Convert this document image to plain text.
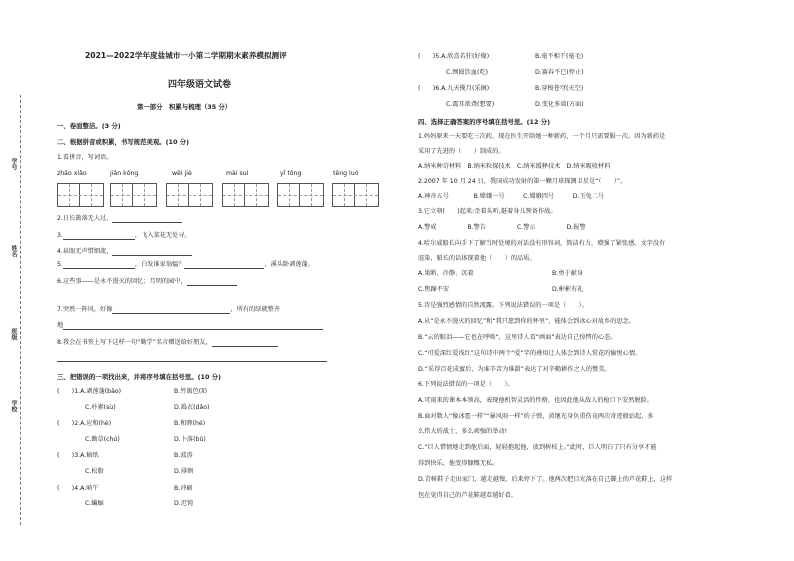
学号
姓名
班级
学校
2021—2022学年度盐城市一小第二学期期末素养模拟测评
四年级语文试卷
第一部分　积累与梳理（35 分）
一、卷面整洁。(3 分)
二、根据拼音或积累，书写规范美观。(10 分)
1.看拼音，写词语。
zhǎo xiǎo	jiǎn kōng	wěi jiè	mài suì	yǐ tōng	tēng luó
2.日长篱落无人过，
3.	，飞入菜花无处寻。
4.泉眼无声惜细流，
5.	，白发谁家翁媪？	，溪头卧剥莲蓬。
6.这些事——是永不漫灭的回忆；月明的园中，
7.突然一阵风，好像	，所有的绿就整齐
地
8.我会在书签上写下这样一句“勤学”名言赠送给好朋友，
三、把错误的一项找出来，并将序号填在括号里。(10 分)
(　　)1.A.剥莲蓬(bāo)	B.竹篱笆(lí)
C.朴素(sù)	D.捣衣(dǎo)
(　　)2.A.应和(hè)	B.和睦(hé)
C.锄草(chú)	D.卜落(bǔ)
(　　)3.A.稿纸	B.波涛
C.松脂	D.徘徊
(　　)4.A.响午	B.冲刷
C.蝙蝠	D.迟钝
(　　)5.A.欣喜若狂(好像)	B.毫不相干(毫毛)
C.囫囵饮血(吃)	D.赛春不已(停止)
(　　)6.A.九天揽月(采摘)	B.穿梭苍穹(天空)
C.震耳欲聋(想要)	D.变化多端(方面)
四、选择正确答案的序号填在括号里。(12 分)
1.妈妈原来一天要吃三次药，现在医生开给她一种新药，一个月只需要服一次。因为新药是
采用了先进的（　　）制成的。
A.纳米种苛材料　B.纳米粒探技术　C.纳米缓释技术　D.纳米吸收材料
2.2007 年 10 月 24 日，我国成功发射的第一颗月球探测卫星是“（　　）”。
A.神舟五号　　　　B.嫦娥一号　　　C.嫦娥四号　　　D.玉兔二号
3.它立刻(　　)起来:歪着头听,挺着身儿预备作战。
A.警戒　　　　　B.警告　　　　　C.警示　　　　　D.报警
4.哈尔威船长向手下了解当时处境的对话没有形容词，简洁有力，增强了紧张感。文字没有
渲染，船长的话体现着他（　　）的品质。
A.果断、冷静、沉着	B.勇于献身
C.焦躁不安	D.彬彬有礼
5.诗是强烈感情的自然流露。下列说法错误的一项是（　　）。
A.从“是永不漫灭的回忆”和“我只愿到你的怀里”，能体会到冰心对故乡的思念。
B.“云的眼泪——它也在呼唤”，这里诗人看“画面”表达自己惊愕的心态。
C.“可爱深红爱浅红”这句诗中两个“爱”字的叠用让人体会到诗人赏花的愉悦心情。
D.“采得百花成蜜后，为谁辛苦为谁甜”表达了对辛勤耕作之人的赞美。
6.下列说法错误的一项是（　　）。
A.可雨来的课本本领高，表现他机智灵活的性格，也因此他从敌人的枪口下安然脱险。
B.面对数人“像冰雹一样”“暴风雨一样”的子弹，黄继光身负重伤竟两次奇迹般站起，多
么伟大的战士，多么顽强的举动!
C.“巨人惜情地走到他后面，轻轻抱起他，放到树枝上。”此时，巨人明白了只有分享才能
得到快乐，他变得慷慨无私。
D.青树鞋子走出家门，越走越慢，后来停下了。他两次把目光落在自己脚上的芦花鞋上，这样
包在觉得自己的芦花鞋越看越好看。
